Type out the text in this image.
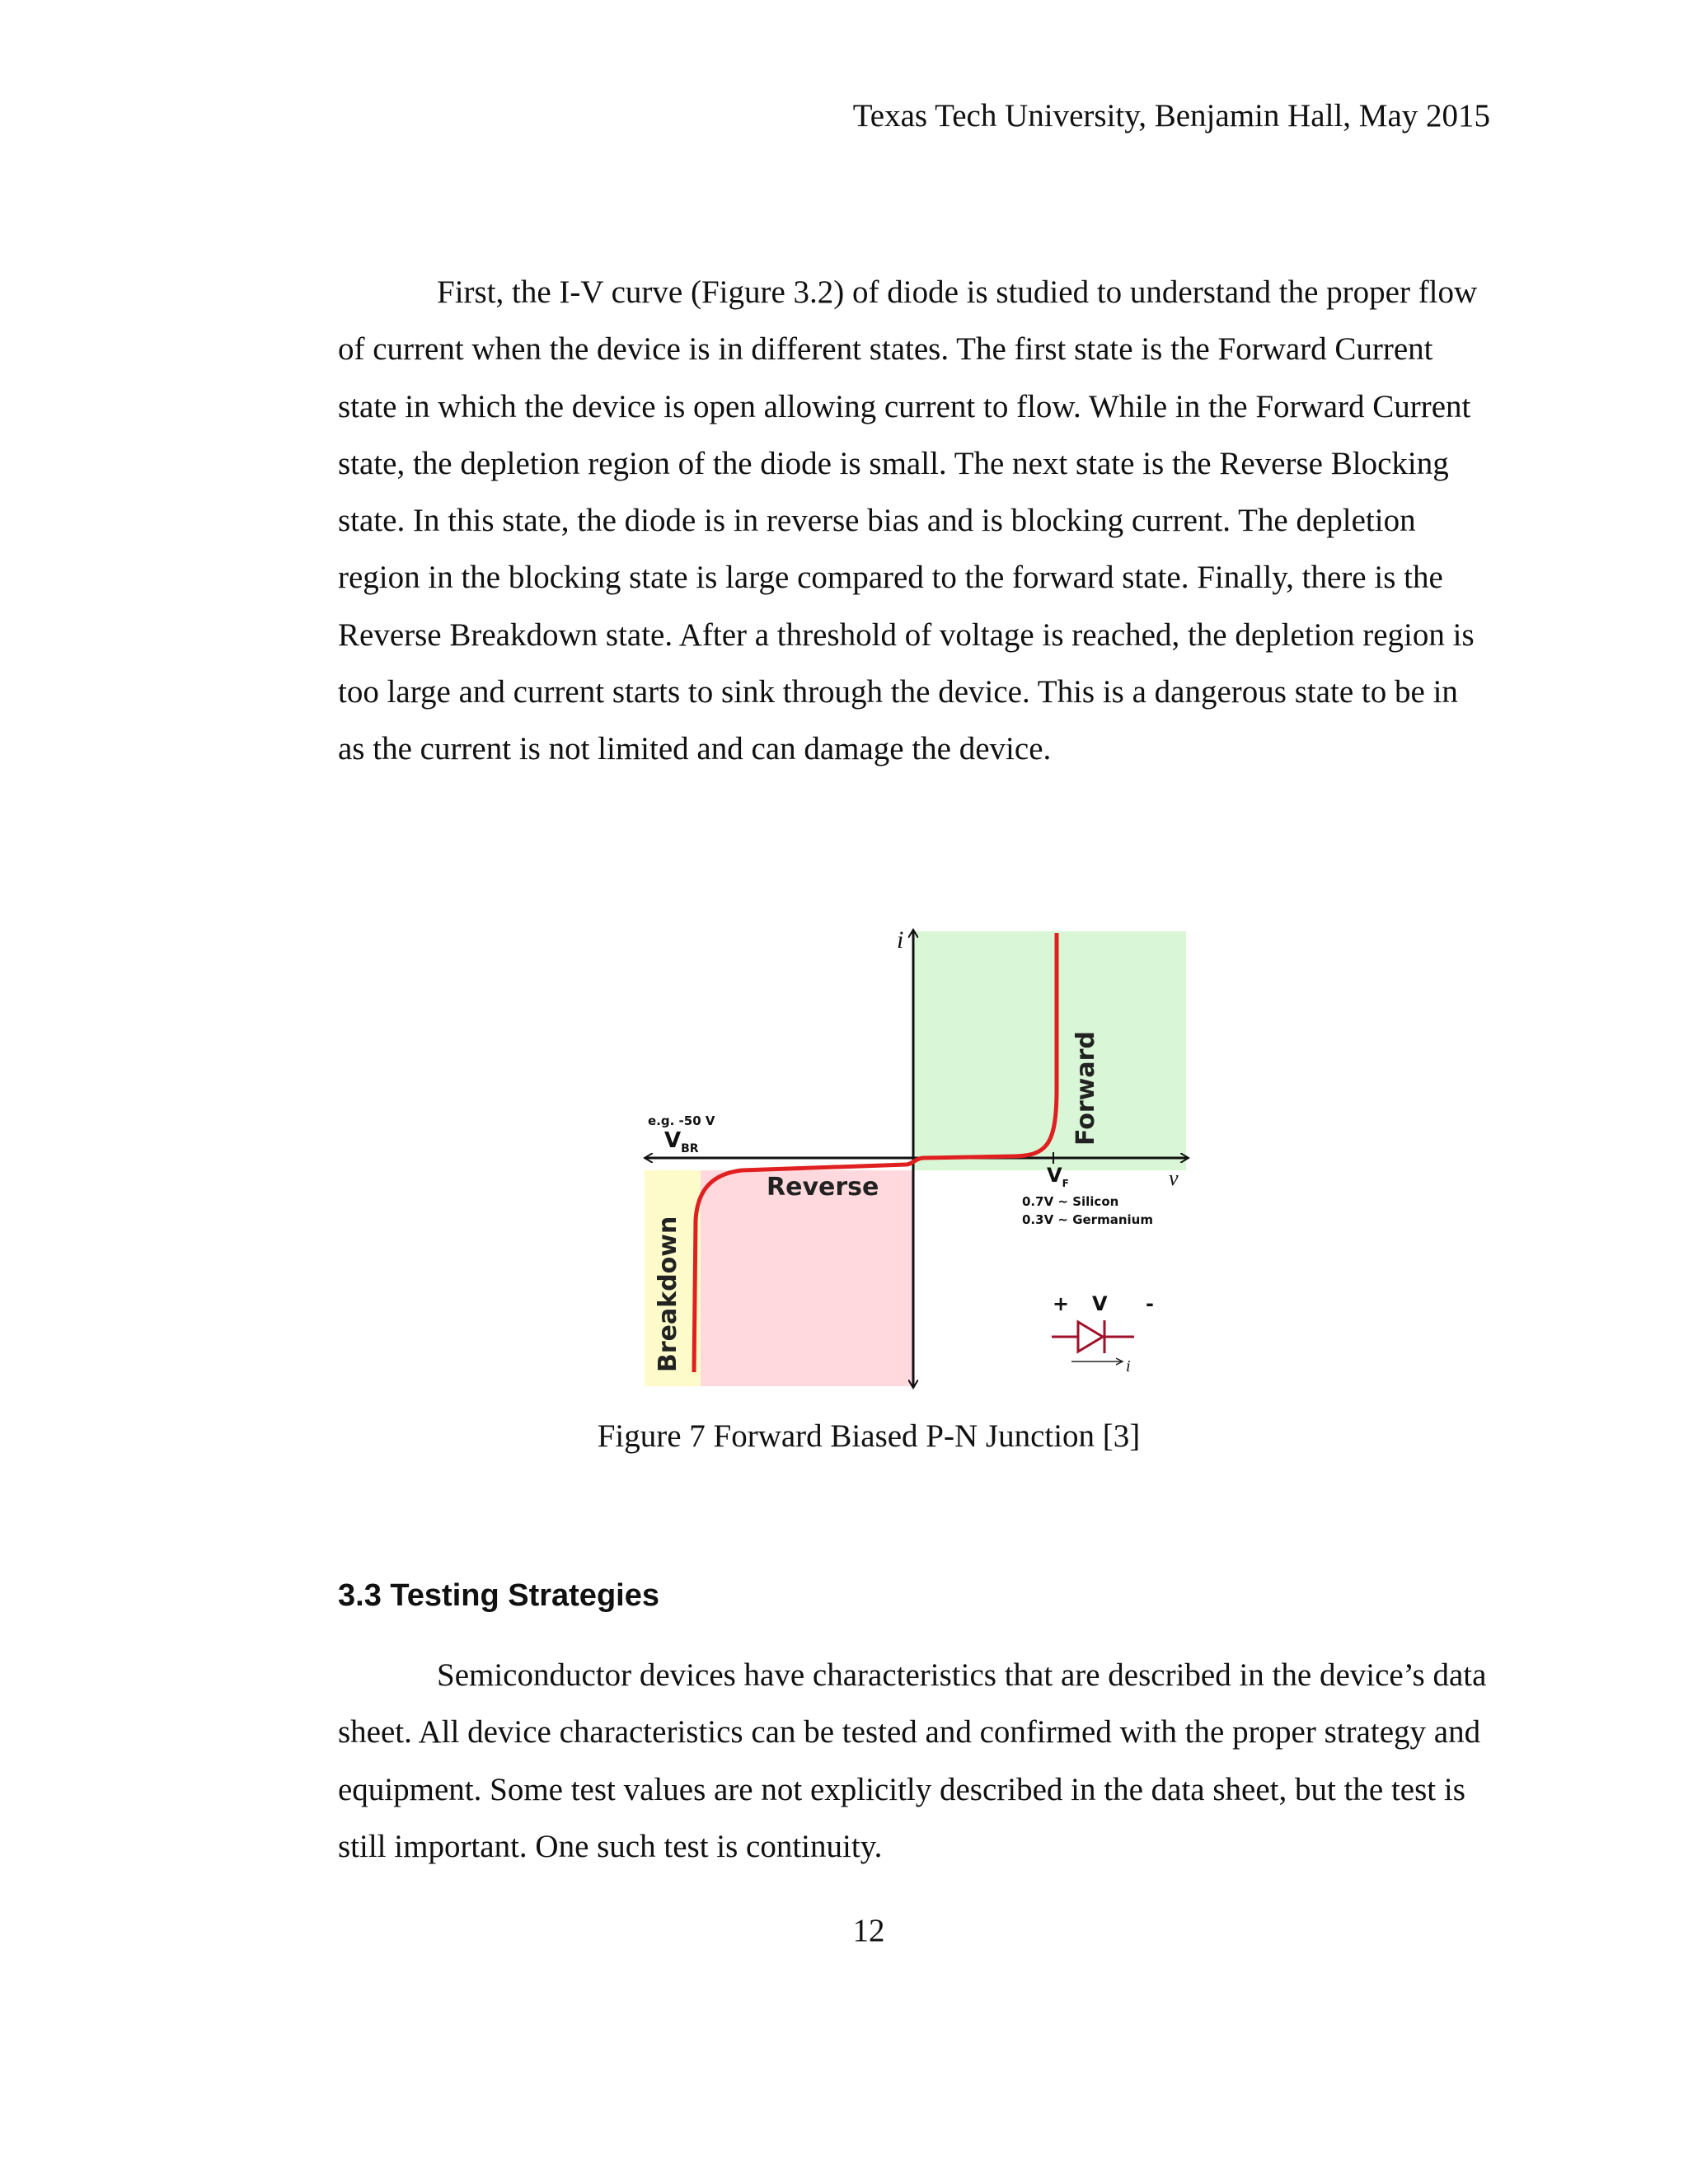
Texas Tech University, Benjamin Hall, May 2015

First, the I-V curve (Figure 3.2) of diode is studied to understand the proper flow of current when the device is in different states. The first state is the Forward Current state in which the device is open allowing current to flow. While in the Forward Current state, the depletion region of the diode is small. The next state is the Reverse Blocking state. In this state, the diode is in reverse bias and is blocking current. The depletion region in the blocking state is large compared to the forward state. Finally, there is the Reverse Breakdown state. After a threshold of voltage is reached, the depletion region is too large and current starts to sink through the device. This is a dangerous state to be in as the current is not limited and can damage the device.

i
v
e.g. -50 V
$V_{BR}$
$V_F$
0.7V ~ Silicon
0.3V ~ Germanium
Reverse
Forward
Breakdown	+ V -
i
Figure 7 Forward Biased P-N Junction [3]
3.3 Testing Strategies

Semiconductor devices have characteristics that are described in the device’s data sheet. All device characteristics can be tested and confirmed with the proper strategy and equipment. Some test values are not explicitly described in the data sheet, but the test is still important. One such test is continuity.

12
